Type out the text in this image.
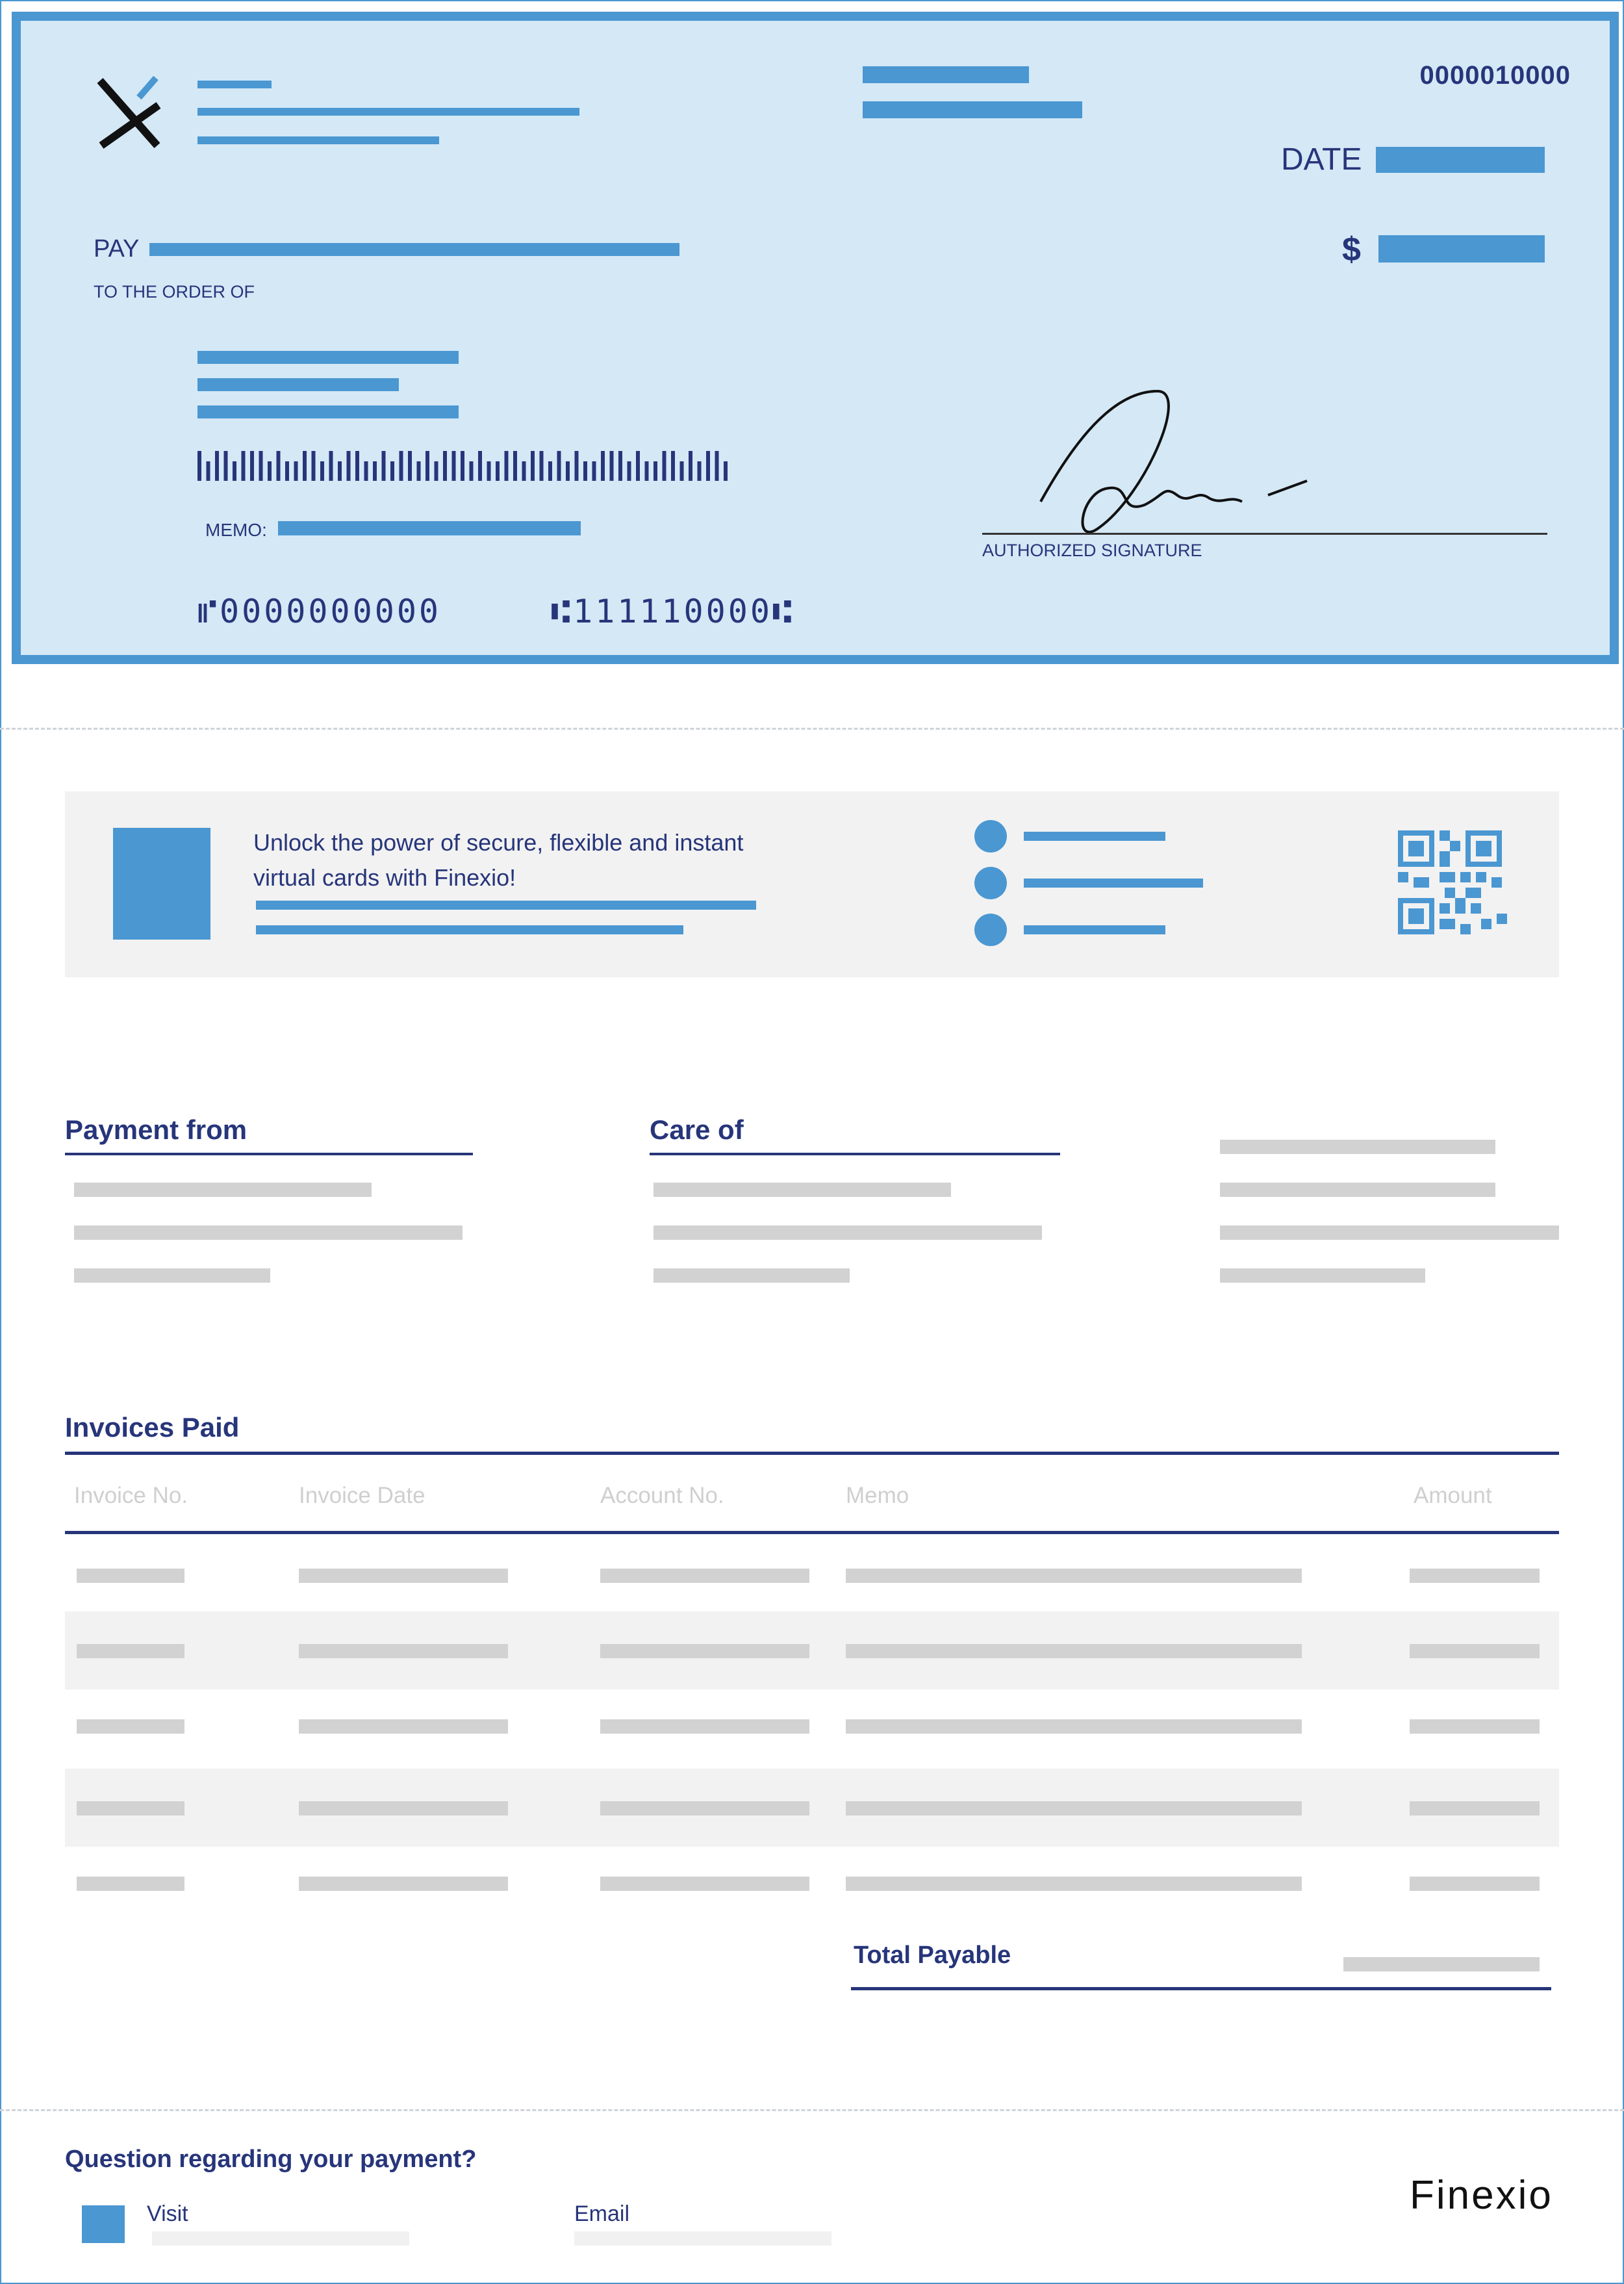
0000010000
DATE
$
PAY
TO THE ORDER OF
MEMO:
AUTHORIZED SIGNATURE
⑈0000000000	⑆111110000⑆
Unlock the power of secure, flexible and instant virtual cards with Finexio!
Payment from	Care of
Invoices Paid
Invoice No.	Invoice Date	Account No.	Memo	Amount
Total Payable
Question regarding your payment?
Visit	Email	Finexio
